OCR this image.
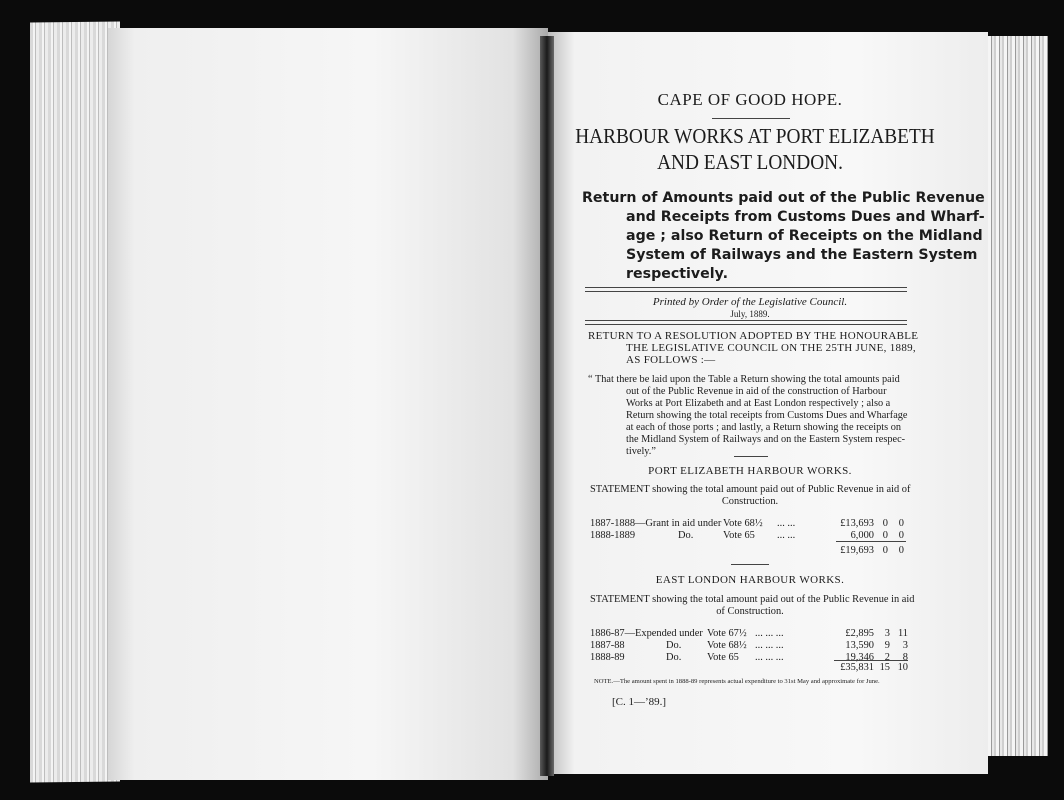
CAPE OF GOOD HOPE.
HARBOUR WORKS AT PORT ELIZABETH
AND EAST LONDON.
Return of Amounts paid out of the Public Revenue
and Receipts from Customs Dues and Wharf-
age ; also Return of Receipts on the Midland
System of Railways and the Eastern System
respectively.
Printed by Order of the Legislative Council.
July, 1889.
RETURN TO A RESOLUTION ADOPTED BY THE HONOURABLE
THE LEGISLATIVE COUNCIL ON THE 25TH JUNE, 1889,
AS FOLLOWS :—
“ That there be laid upon the Table a Return showing the total amounts paid
out of the Public Revenue in aid of the construction of Harbour
Works at Port Elizabeth and at East London respectively ; also a
Return showing the total receipts from Customs Dues and Wharfage
at each of those ports ; and lastly, a Return showing the receipts on
the Midland System of Railways and on the Eastern System respec-
tively.”
PORT ELIZABETH HARBOUR WORKS.
STATEMENT showing the total amount paid out of Public Revenue in aid of
Construction.
1887-1888—Grant in aid under Vote 68½ ... ...	£13,693 0	0
1888-1889	Do.	Vote 65 ... ...	6,000 0	0
£19,693 0	0
EAST LONDON HARBOUR WORKS.
STATEMENT showing the total amount paid out of the Public Revenue in aid
of Construction.
1886-87—Expended under Vote 67½ ... ... ...	£2,895	3 11
1887-88	Do. Vote 68½ ... ... ...	13,590	9	3
1888-89	Do. Vote 65 ... ... ...	19,346	2	8
£35,831 15 10
NOTE.—The amount spent in 1888-89 represents actual expenditure to 31st May and approximate for June.
[C. 1—’89.]
